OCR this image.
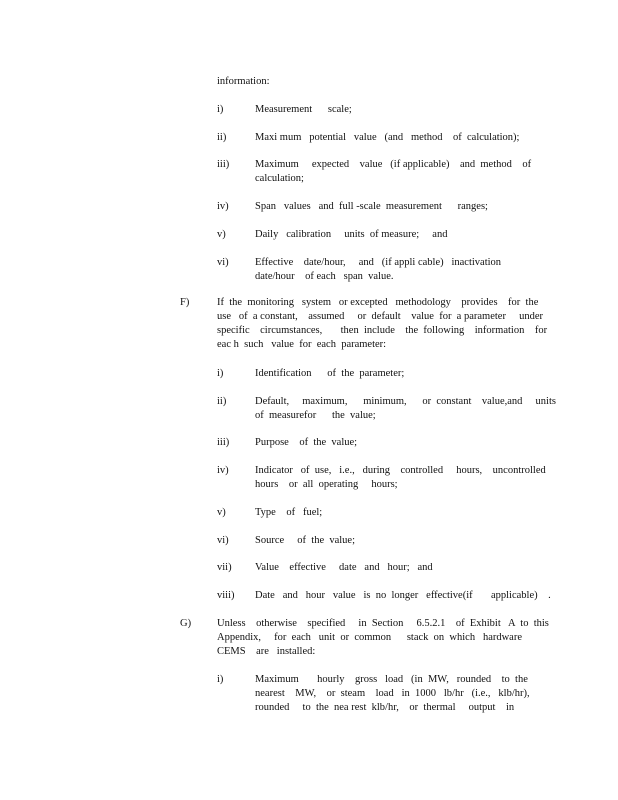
information:
i)	Measurement      scale;
ii)	Maxi mum   potential   value   (and   method    of  calculation);
iii) Maximum     expected    value   (if applicable)    and  method    of
calculation;
iv)	Span   values   and  full -scale  measurement      ranges;
v)	Daily   calibration     units  of measure;     and
vi)	Effective    date/hour,     and   (if appli cable)   inactivation
date/hour    of each   span  value.
F)	If  the  monitoring   system   or excepted   methodology    provides    for  the
use   of  a constant,    assumed     or  default    value  for  a parameter     under
specific    circumstances,       then  include    the  following    information    for
eac h  such   value  for  each  parameter:
i)	Identification      of  the  parameter;
ii)	Default,     maximum,      minimum,      or  constant    value,and     units
of  measurefor      the  value;
iii) Purpose    of  the  value;
iv)	Indicator   of  use,   i.e.,   during    controlled     hours,    uncontrolled
hours    or  all  operating     hours;
v)	Type    of   fuel;
vi)	Source     of  the  value;
vii) Value    effective     date   and   hour;   and
viii) Date   and   hour   value   is  no  longer   effective(if       applicable)    .
G) Unless    otherwise    specified     in  Section     6.5.2.1    of  Exhibit   A  to  this
Appendix,     for  each   unit  or  common      stack  on  which   hardware
CEMS    are   installed:
i)	Maximum       hourly    gross   load   (in  MW,   rounded    to  the
nearest    MW,    or  steam    load   in  1000   lb/hr   (i.e.,   klb/hr),
rounded     to  the  nea rest  klb/hr,    or  thermal     output    in
